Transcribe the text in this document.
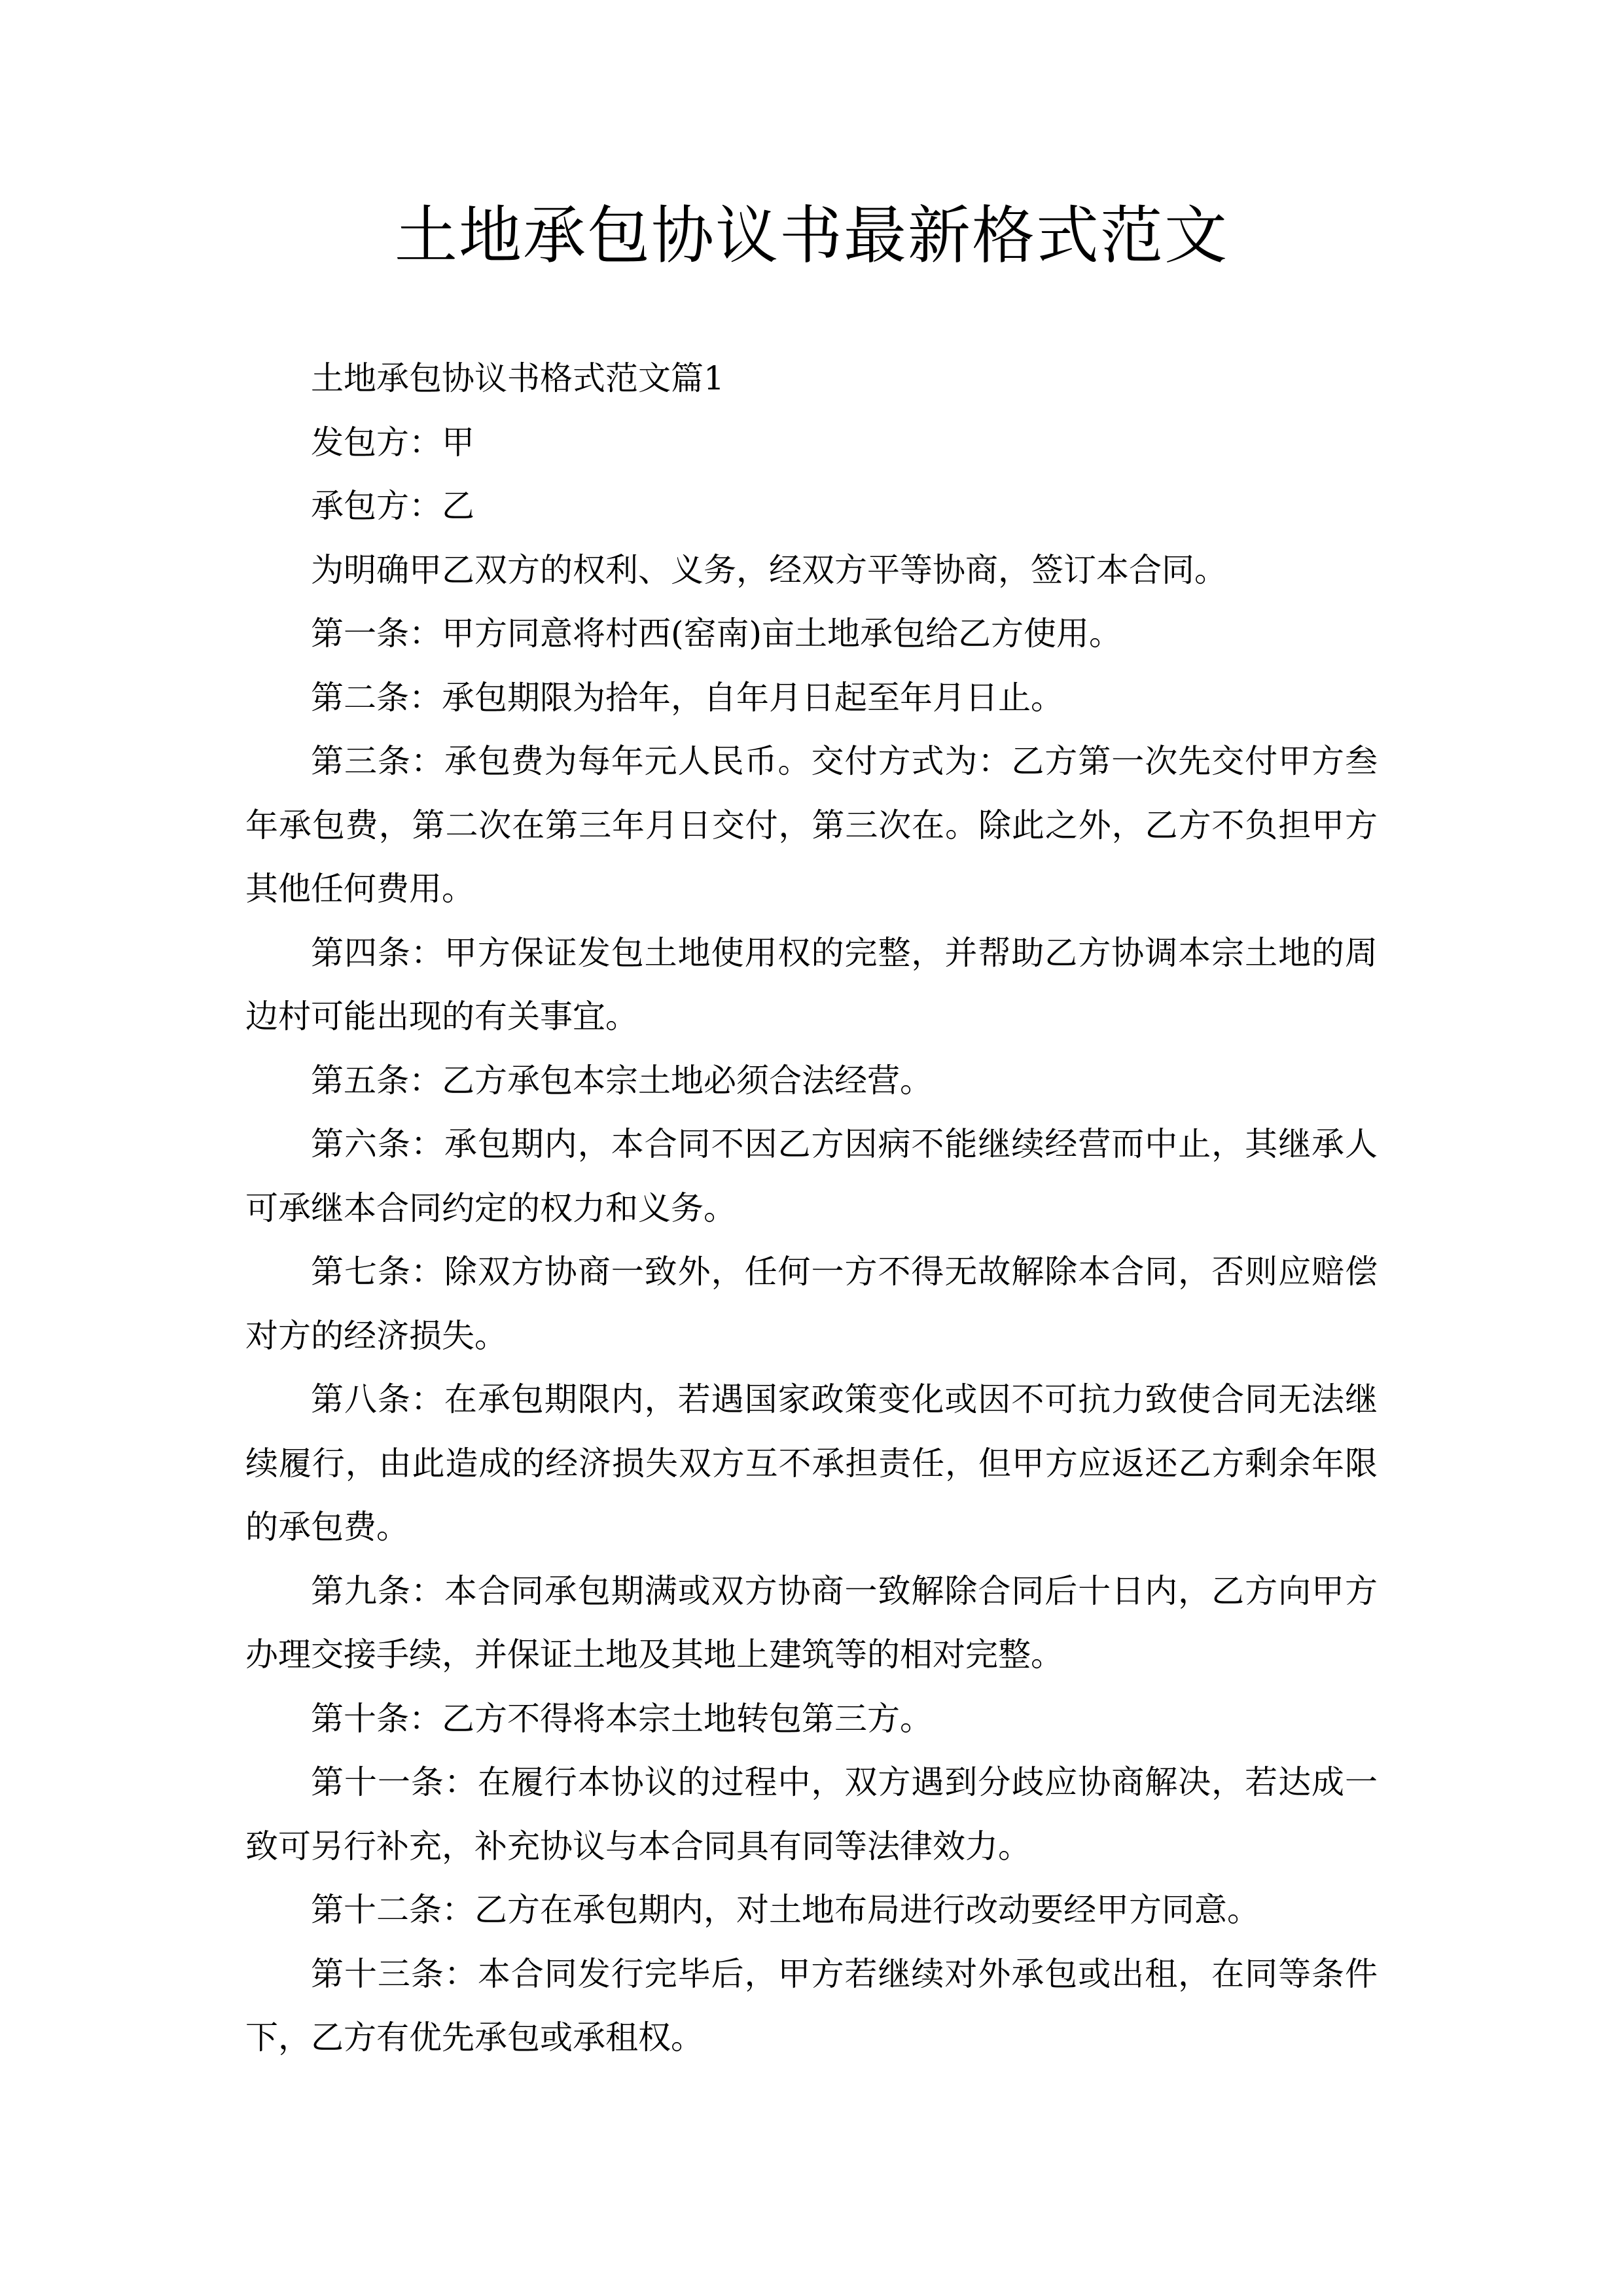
土地承包协议书最新格式范文

土地承包协议书格式范文篇1

发包方：甲

承包方：乙

为明确甲乙双方的权利、义务，经双方平等协商，签订本合同。

第一条：甲方同意将村西(窑南)亩土地承包给乙方使用。

第二条：承包期限为拾年，自年月日起至年月日止。

第三条：承包费为每年元人民币。交付方式为：乙方第一次先交付甲方叁年承包费，第二次在第三年月日交付，第三次在。除此之外，乙方不负担甲方其他任何费用。

第四条：甲方保证发包土地使用权的完整，并帮助乙方协调本宗土地的周边村可能出现的有关事宜。

第五条：乙方承包本宗土地必须合法经营。

第六条：承包期内，本合同不因乙方因病不能继续经营而中止，其继承人可承继本合同约定的权力和义务。

第七条：除双方协商一致外，任何一方不得无故解除本合同，否则应赔偿对方的经济损失。

第八条：在承包期限内，若遇国家政策变化或因不可抗力致使合同无法继续履行，由此造成的经济损失双方互不承担责任，但甲方应返还乙方剩余年限的承包费。

第九条：本合同承包期满或双方协商一致解除合同后十日内，乙方向甲方办理交接手续，并保证土地及其地上建筑等的相对完整。

第十条：乙方不得将本宗土地转包第三方。

第十一条：在履行本协议的过程中，双方遇到分歧应协商解决，若达成一致可另行补充，补充协议与本合同具有同等法律效力。

第十二条：乙方在承包期内，对土地布局进行改动要经甲方同意。

第十三条：本合同发行完毕后，甲方若继续对外承包或出租，在同等条件下，乙方有优先承包或承租权。
